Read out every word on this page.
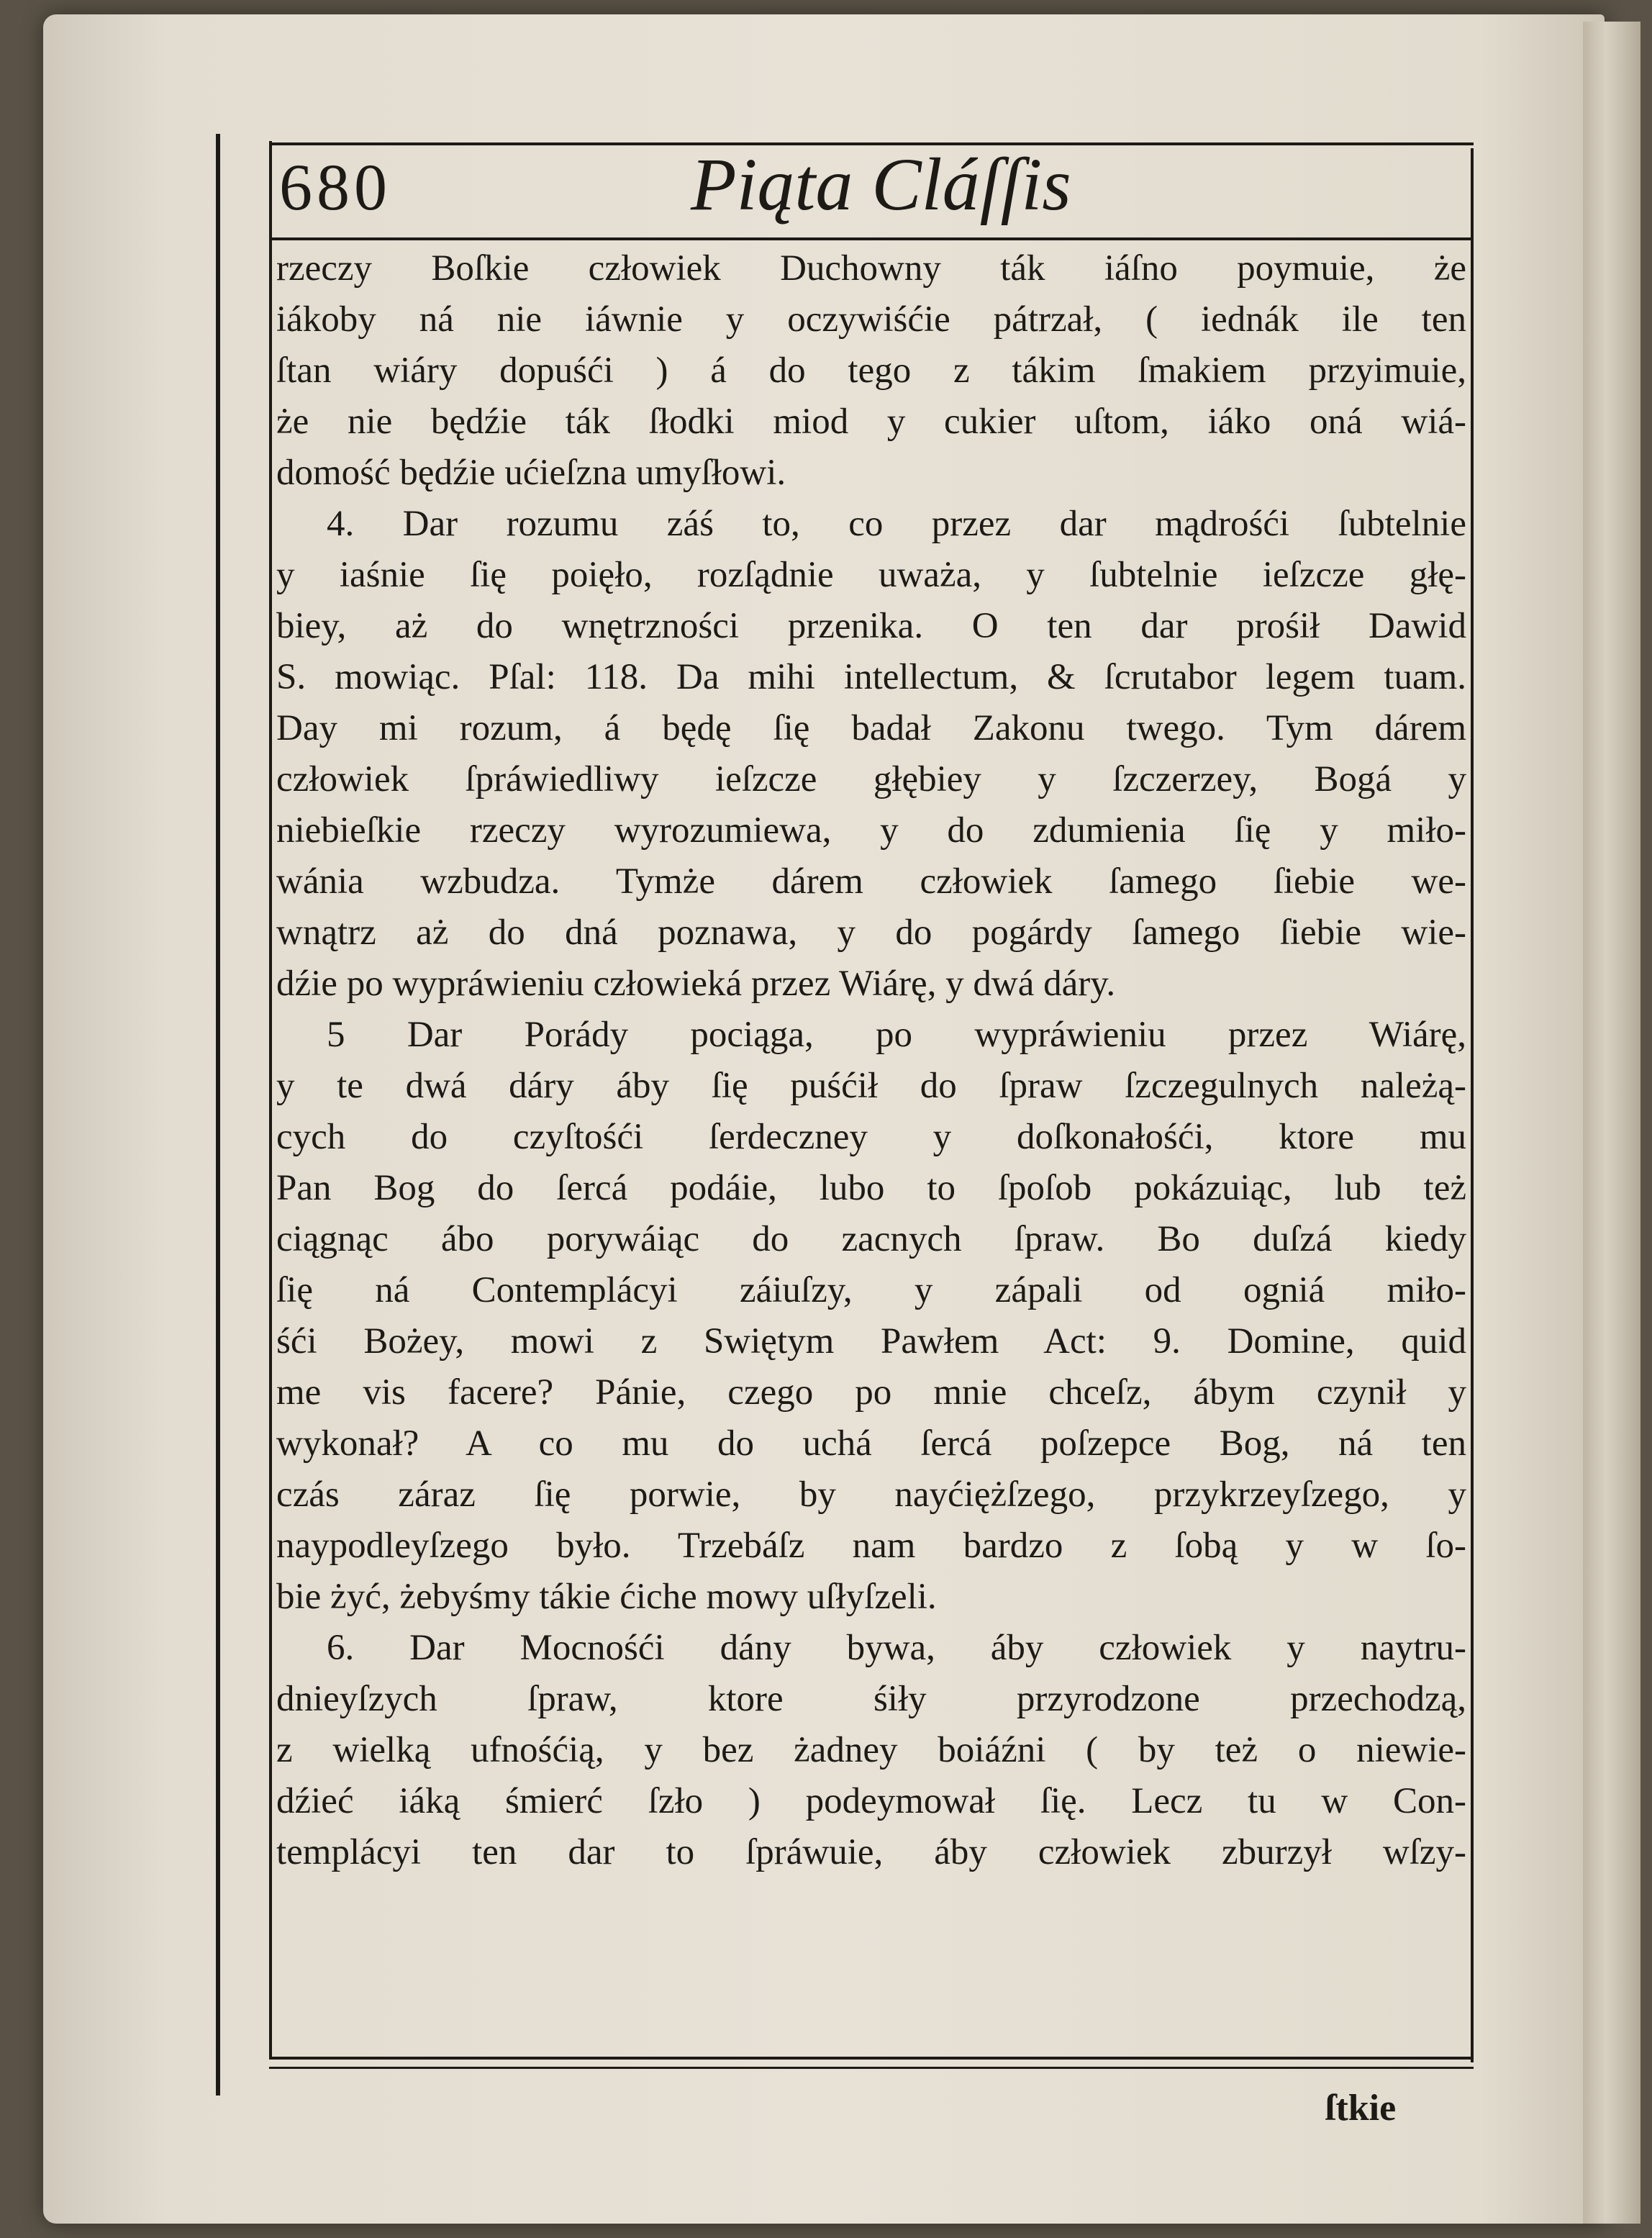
680	Piąta Cláſſis
rzeczy Boſkie człowiek Duchowny ták iáſno poymuie, że
iákoby ná nie iáwnie y oczywiśćie pátrzał, ( iednák ile ten
ſtan wiáry dopuśći ) á do tego z tákim ſmakiem przyimuie,
że nie będźie ták ſłodki miod y cukier uſtom, iáko oná wiá-
domość będźie ućieſzna umyſłowi.
4. Dar rozumu záś to, co przez dar mądrośći ſubtelnie
y iaśnie ſię poięło, rozſądnie uważa, y ſubtelnie ieſzcze głę-
biey, aż do wnętrzności przenika. O ten dar prośił Dawid
S. mowiąc. Pſal: 118. Da mihi intellectum, & ſcrutabor legem tuam.
Day mi rozum, á będę ſię badał Zakonu twego. Tym dárem
człowiek ſpráwiedliwy ieſzcze głębiey y ſzczerzey, Bogá y
niebieſkie rzeczy wyrozumiewa, y do zdumienia ſię y miło-
wánia wzbudza. Tymże dárem człowiek ſamego ſiebie we-
wnątrz aż do dná poznawa, y do pogárdy ſamego ſiebie wie-
dźie po wypráwieniu człowieká przez Wiárę, y dwá dáry.
5 Dar Porády pociąga, po wypráwieniu przez Wiárę,
y te dwá dáry áby ſię puśćił do ſpraw ſzczegulnych należą-
cych do czyſtośći ſerdeczney y doſkonałośći, ktore mu
Pan Bog do ſercá podáie, lubo to ſpoſob pokázuiąc, lub też
ciągnąc ábo porywáiąc do zacnych ſpraw. Bo duſzá kiedy
ſię ná Contemplácyi záiuſzy, y zápali od ogniá miło-
śći Bożey, mowi z Swiętym Pawłem Act: 9. Domine, quid
me vis facere? Pánie, czego po mnie chceſz, ábym czynił y
wykonał? A co mu do uchá ſercá poſzepce Bog, ná ten
czás záraz ſię porwie, by nayćiężſzego, przykrzeyſzego, y
naypodleyſzego było. Trzebáſz nam bardzo z ſobą y w ſo-
bie żyć, żebyśmy tákie ćiche mowy uſłyſzeli.
6. Dar Mocnośći dány bywa, áby człowiek y naytru-
dnieyſzych ſpraw, ktore śiły przyrodzone przechodzą,
z wielką ufnośćią, y bez żadney boiáźni ( by też o niewie-
dźieć iáką śmierć ſzło ) podeymował ſię. Lecz tu w Con-
templácyi ten dar to ſpráwuie, áby człowiek zburzył wſzy-
ſtkie
